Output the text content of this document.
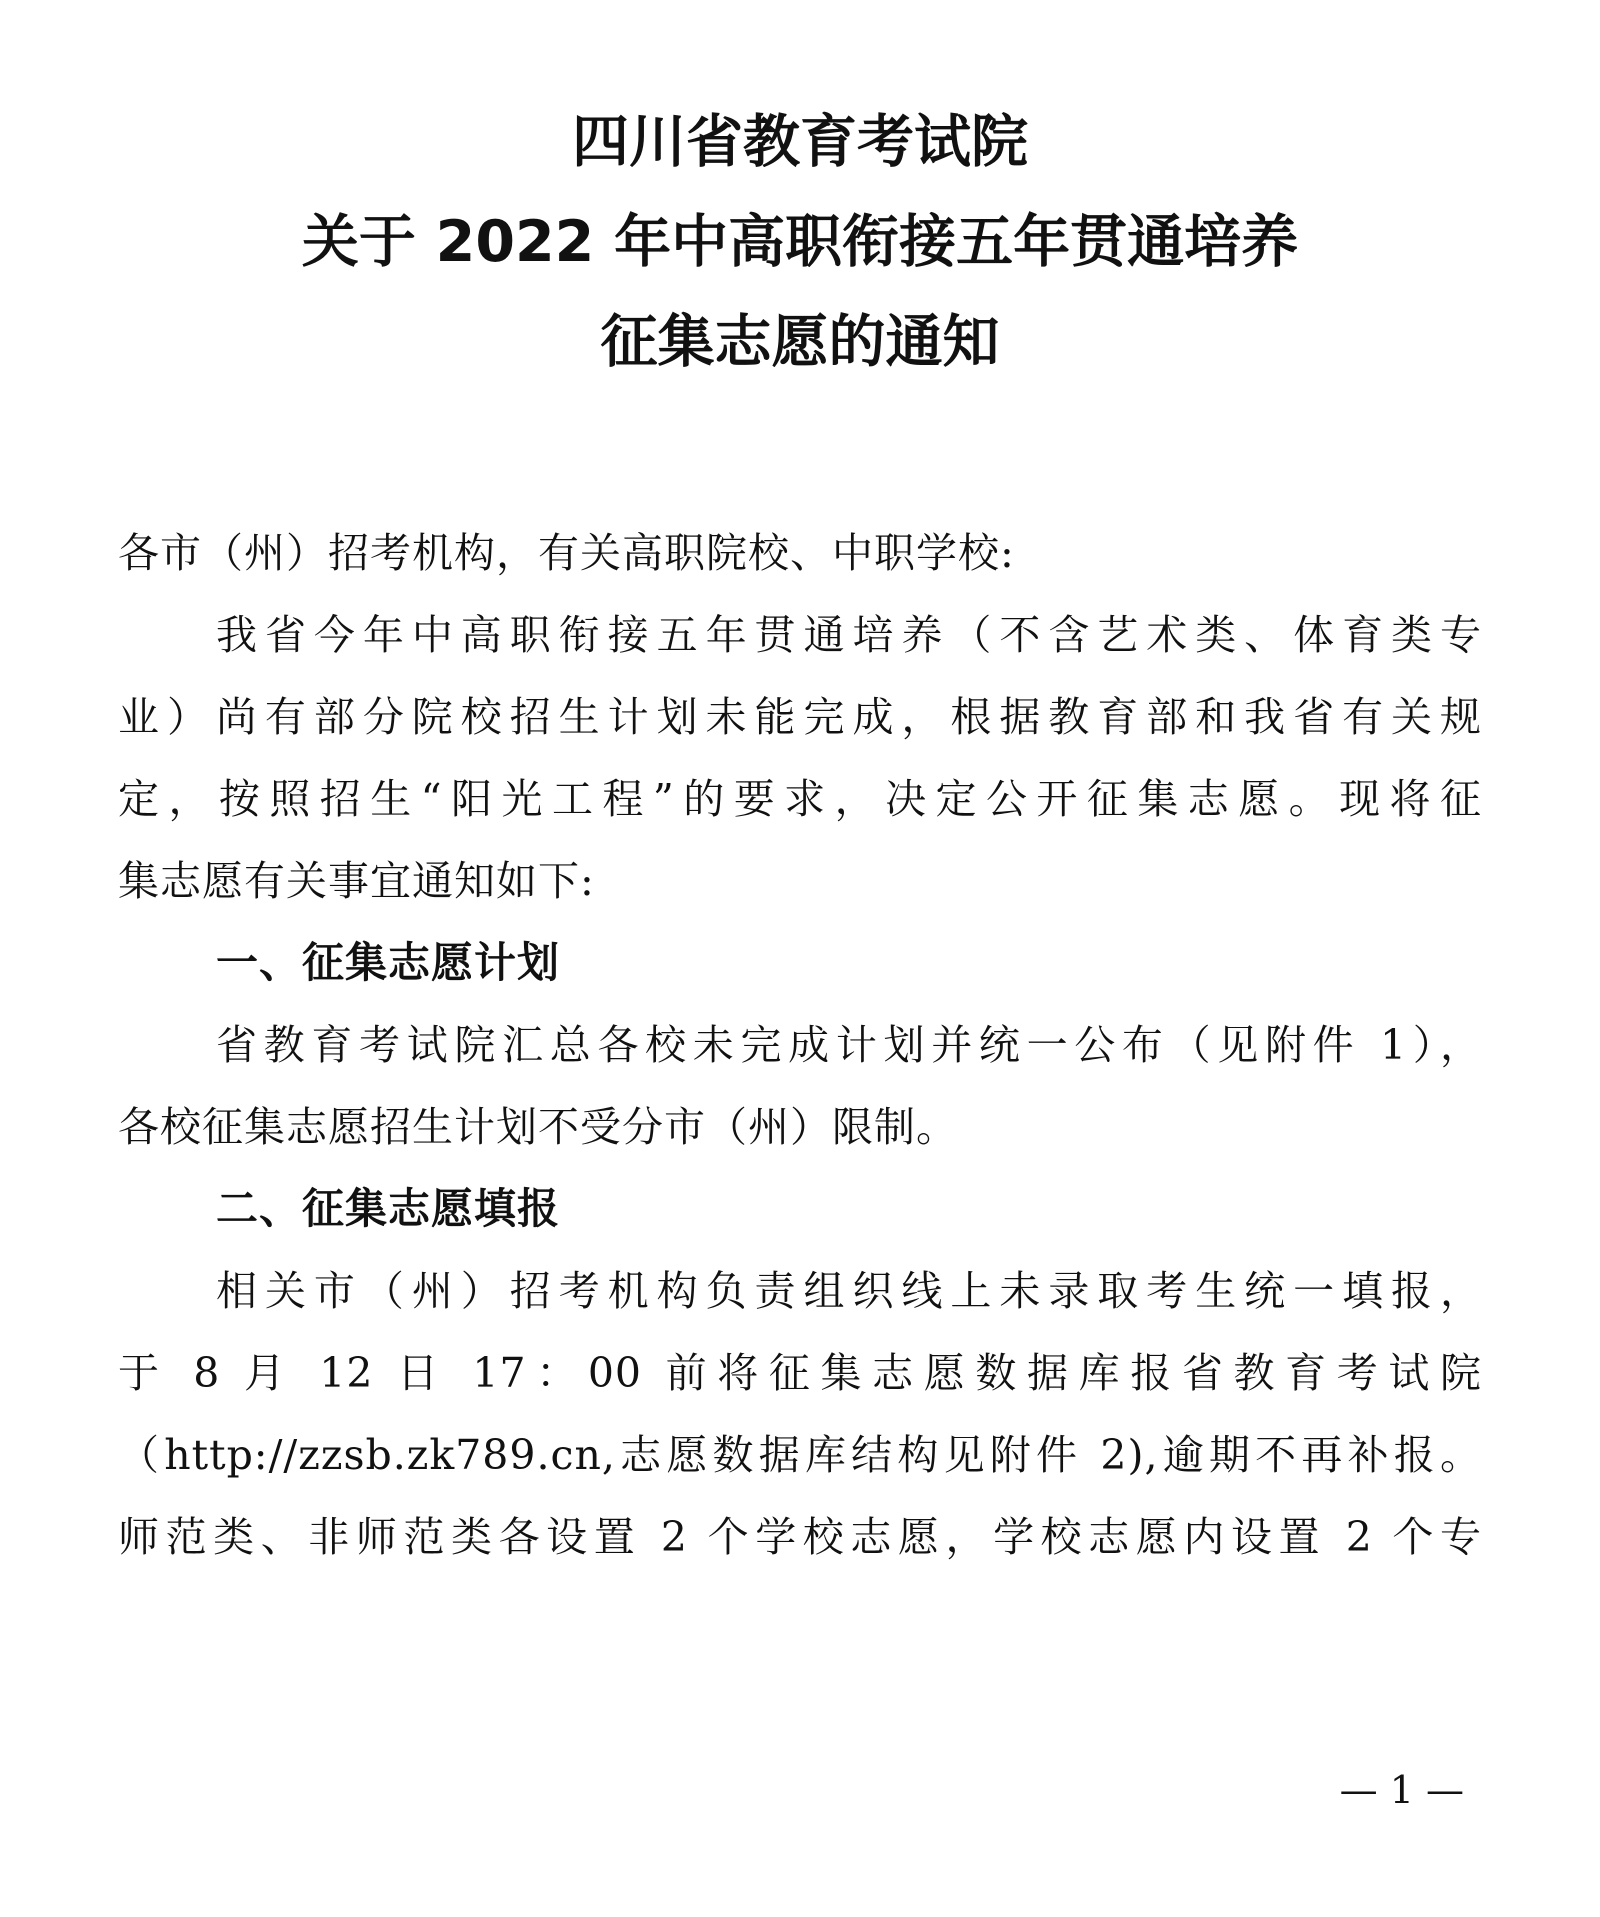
四川省教育考试院
关于 2022 年中高职衔接五年贯通培养
征集志愿的通知
各市（州）招考机构，有关高职院校、中职学校:
我省今年中高职衔接五年贯通培养（不含艺术类、体育类专
业）尚有部分院校招生计划未能完成，根据教育部和我省有关规
定，按照招生“阳光工程”的要求，决定公开征集志愿。现将征
集志愿有关事宜通知如下:
一、征集志愿计划
省教育考试院汇总各校未完成计划并统一公布（见附件 1），
各校征集志愿招生计划不受分市（州）限制。
二、征集志愿填报
相关市（州）招考机构负责组织线上未录取考生统一填报，
于 8 月 12 日 17：00 前将征集志愿数据库报省教育考试院
（http://zzsb.zk789.cn,志愿数据库结构见附件 2),逾期不再补报。
师范类、非师范类各设置 2 个学校志愿，学校志愿内设置 2 个专
— 1 —
